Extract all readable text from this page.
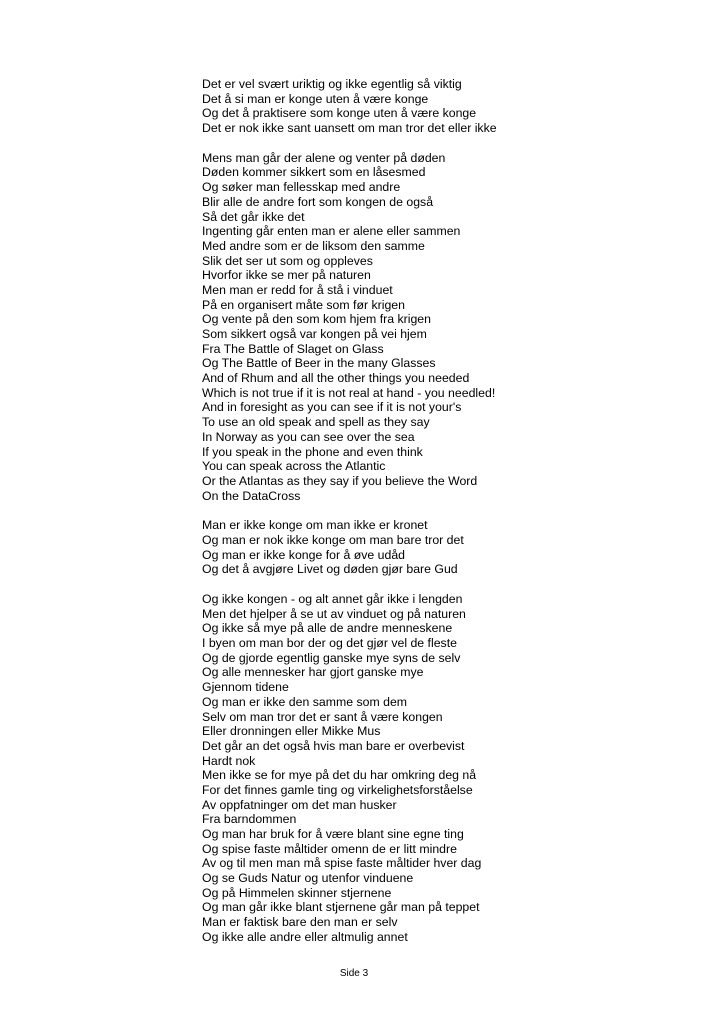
Det er vel svært uriktig og ikke egentlig så viktig
Det å si man er konge uten å være konge
Og det å praktisere som konge uten å være konge
Det er nok ikke sant uansett om man tror det eller ikke
Mens man går der alene og venter på døden
Døden kommer sikkert som en låsesmed
Og søker man fellesskap med andre
Blir alle de andre fort som kongen de også
Så det går ikke det
Ingenting går enten man er alene eller sammen
Med andre som er de liksom den samme
Slik det ser ut som og oppleves
Hvorfor ikke se mer på naturen
Men man er redd for å stå i vinduet
På en organisert måte som før krigen
Og vente på den som kom hjem fra krigen
Som sikkert også var kongen på vei hjem
Fra The Battle of Slaget on Glass
Og The Battle of Beer in the many Glasses
And of Rhum and all the other things you needed
Which is not true if it is not real at hand - you needled!
And in foresight as you can see if it is not your's
To use an old speak and spell as they say
In Norway as you can see over the sea
If you speak in the phone and even think
You can speak across the Atlantic
Or the Atlantas as they say if you believe the Word
On the DataCross
Man er ikke konge om man ikke er kronet
Og man er nok ikke konge om man bare tror det
Og man er ikke konge for å øve udåd
Og det å avgjøre Livet og døden gjør bare Gud
Og ikke kongen - og alt annet går ikke i lengden
Men det hjelper å se ut av vinduet og på naturen
Og ikke så mye på alle de andre menneskene
I byen om man bor der og det gjør vel de fleste
Og de gjorde egentlig ganske mye syns de selv
Og alle mennesker har gjort ganske mye
Gjennom tidene
Og man er ikke den samme som dem
Selv om man tror det er sant å være kongen
Eller dronningen eller Mikke Mus
Det går an det også hvis man bare er overbevist
Hardt nok
Men ikke se for mye på det du har omkring deg nå
For det finnes gamle ting og virkelighetsforståelse
Av oppfatninger om det man husker
Fra barndommen
Og man har bruk for å være blant sine egne ting
Og spise faste måltider omenn de er litt mindre
Av og til men man må spise faste måltider hver dag
Og se Guds Natur og utenfor vinduene
Og på Himmelen skinner stjernene
Og man går ikke blant stjernene går man på teppet
Man er faktisk bare den man er selv
Og ikke alle andre eller altmulig annet
Side 3
